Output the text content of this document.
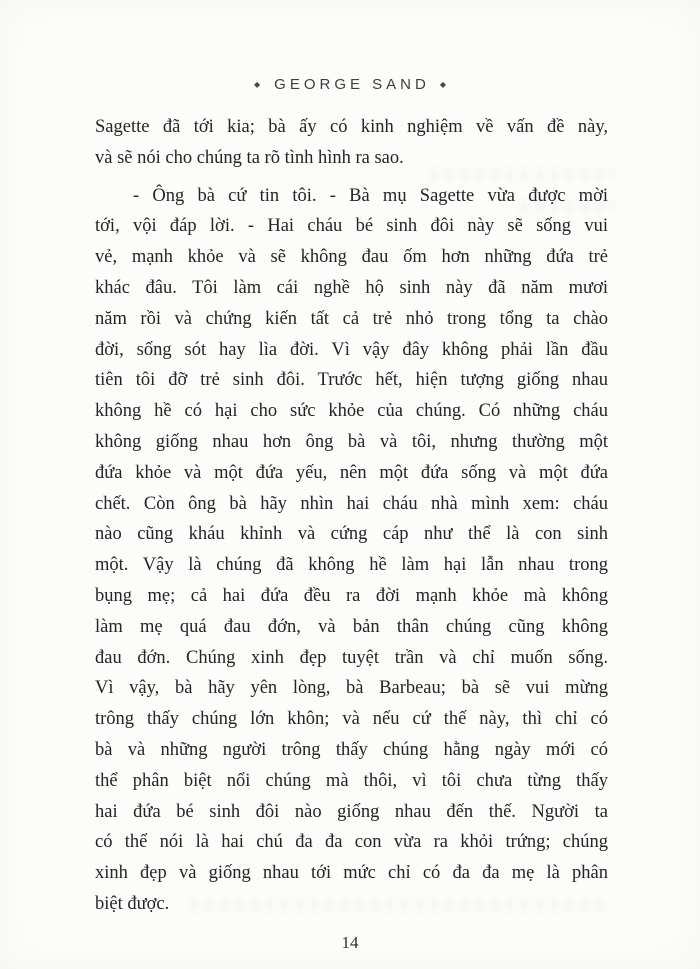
◆ GEORGE SAND ◆
Sagette đã tới kia; bà ấy có kinh nghiệm về vấn đề này,
và sẽ nói cho chúng ta rõ tình hình ra sao.
- Ông bà cứ tin tôi. - Bà mụ Sagette vừa được mời
tới, vội đáp lời. - Hai cháu bé sinh đôi này sẽ sống vui
vẻ, mạnh khỏe và sẽ không đau ốm hơn những đứa trẻ
khác đâu. Tôi làm cái nghề hộ sinh này đã năm mươi
năm rồi và chứng kiến tất cả trẻ nhỏ trong tổng ta chào
đời, sống sót hay lìa đời. Vì vậy đây không phải lần đầu
tiên tôi đỡ trẻ sinh đôi. Trước hết, hiện tượng giống nhau
không hề có hại cho sức khỏe của chúng. Có những cháu
không giống nhau hơn ông bà và tôi, nhưng thường một
đứa khỏe và một đứa yếu, nên một đứa sống và một đứa
chết. Còn ông bà hãy nhìn hai cháu nhà mình xem: cháu
nào cũng kháu khỉnh và cứng cáp như thể là con sinh
một. Vậy là chúng đã không hề làm hại lẫn nhau trong
bụng mẹ; cả hai đứa đều ra đời mạnh khỏe mà không
làm mẹ quá đau đớn, và bản thân chúng cũng không
đau đớn. Chúng xinh đẹp tuyệt trần và chỉ muốn sống.
Vì vậy, bà hãy yên lòng, bà Barbeau; bà sẽ vui mừng
trông thấy chúng lớn khôn; và nếu cứ thế này, thì chỉ có
bà và những người trông thấy chúng hằng ngày mới có
thể phân biệt nổi chúng mà thôi, vì tôi chưa từng thấy
hai đứa bé sinh đôi nào giống nhau đến thế. Người ta
có thể nói là hai chú đa đa con vừa ra khỏi trứng; chúng
xinh đẹp và giống nhau tới mức chỉ có đa đa mẹ là phân
biệt được.
14
